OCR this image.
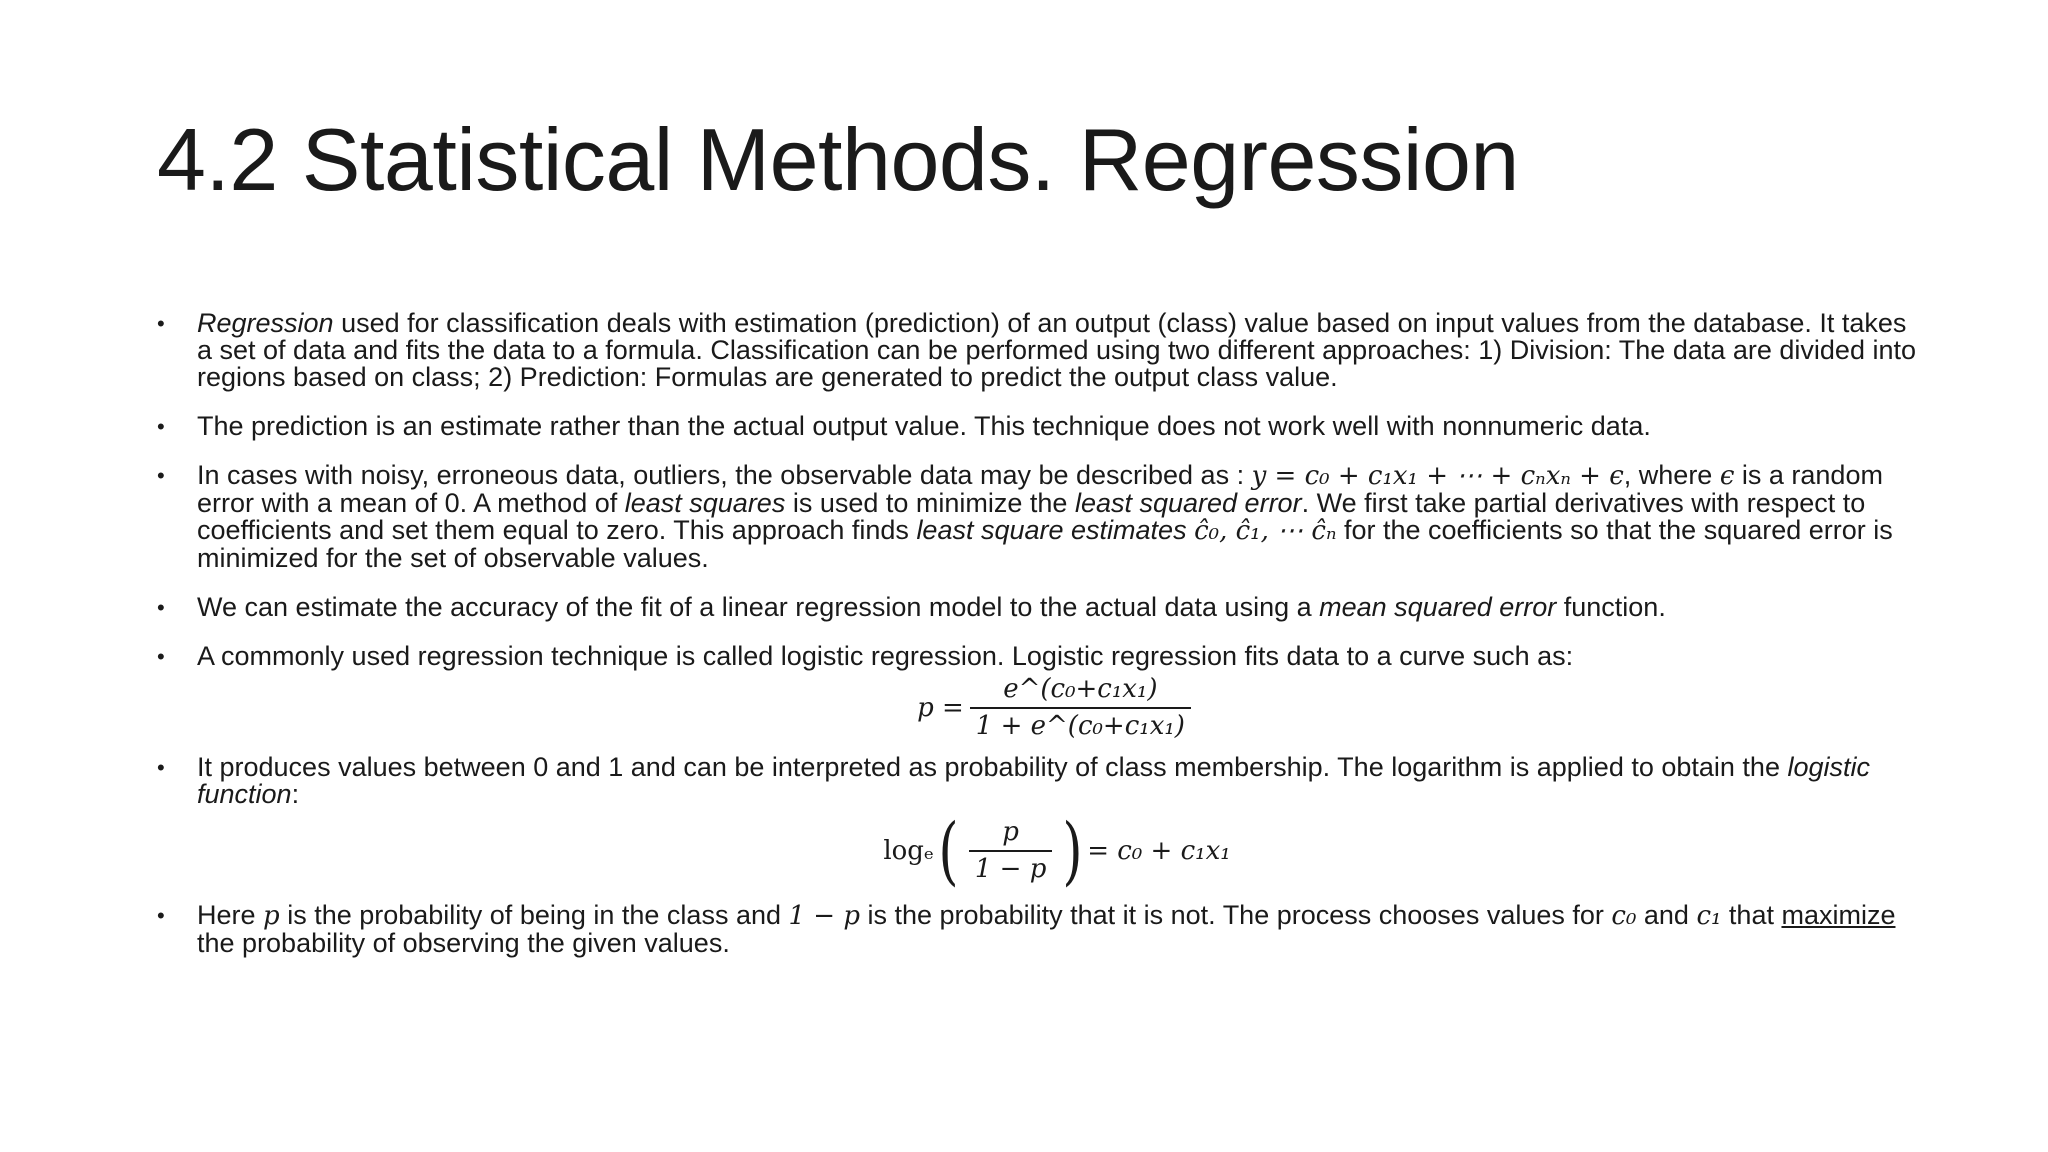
4.2 Statistical Methods. Regression
• Regression used for classification deals with estimation (prediction) of an output (class) value based on input values from the database. It takes a set of data and fits the data to a formula. Classification can be performed using two different approaches: 1) Division: The data are divided into regions based on class; 2) Prediction: Formulas are generated to predict the output class value.
• The prediction is an estimate rather than the actual output value. This technique does not work well with nonnumeric data.
• In cases with noisy, erroneous data, outliers, the observable data may be described as : y = c₀ + c₁x₁ + ⋯ + cₙxₙ + ϵ, where ϵ is a random error with a mean of 0. A method of least squares is used to minimize the least squared error. We first take partial derivatives with respect to coefficients and set them equal to zero. This approach finds least square estimates ĉ₀, ĉ₁, ⋯ ĉₙ for the coefficients so that the squared error is minimized for the set of observable values.
• We can estimate the accuracy of the fit of a linear regression model to the actual data using a mean squared error function.
• A commonly used regression technique is called logistic regression. Logistic regression fits data to a curve such as:
$p = \frac{\text{e\textasciicircum{}(c₀+c₁x₁)}}{\text{1 + e\textasciicircum{}(c₀+c₁x₁)}}$
• It produces values between 0 and 1 and can be interpreted as probability of class membership. The logarithm is applied to obtain the logistic function:
logₑ ( $\frac{p}{1 - p}$ ) = c₀ + c₁x₁
• Here p is the probability of being in the class and 1 − p is the probability that it is not. The process chooses values for c₀ and c₁ that maximize the probability of observing the given values.
